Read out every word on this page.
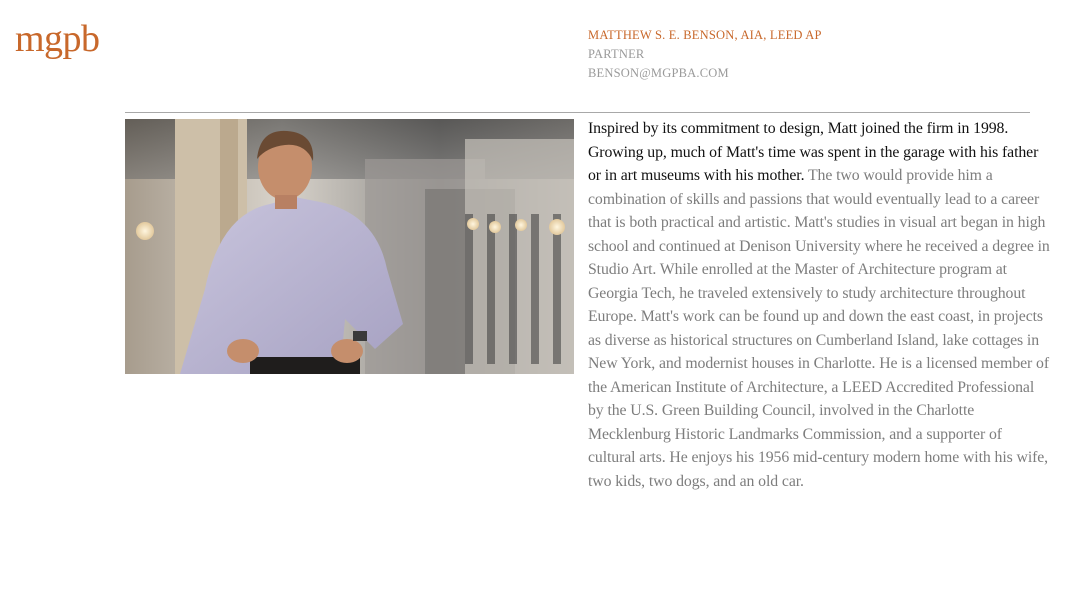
mgpb	MATTHEW S. E. BENSON, AIA, LEED AP
PARTNER
BENSON@MGPBA.COM
Inspired by its commitment to design, Matt joined the firm in 1998. Growing up, much of Matt's time was spent in the garage with his father or in art museums with his mother. The two would provide him a combination of skills and passions that would eventually lead to a career that is both practical and artistic. Matt's studies in visual art began in high school and continued at Denison University where he received a degree in Studio Art. While enrolled at the Master of Architecture program at Georgia Tech, he traveled extensively to study architecture throughout Europe. Matt's work can be found up and down the east coast, in projects as diverse as historical structures on Cumberland Island, lake cottages in New York, and modernist houses in Charlotte. He is a licensed member of the American Institute of Architecture, a LEED Accredited Professional by the U.S. Green Building Council, involved in the Charlotte Mecklenburg Historic Landmarks Commission, and a supporter of cultural arts. He enjoys his 1956 mid-century modern home with his wife, two kids, two dogs, and an old car.
